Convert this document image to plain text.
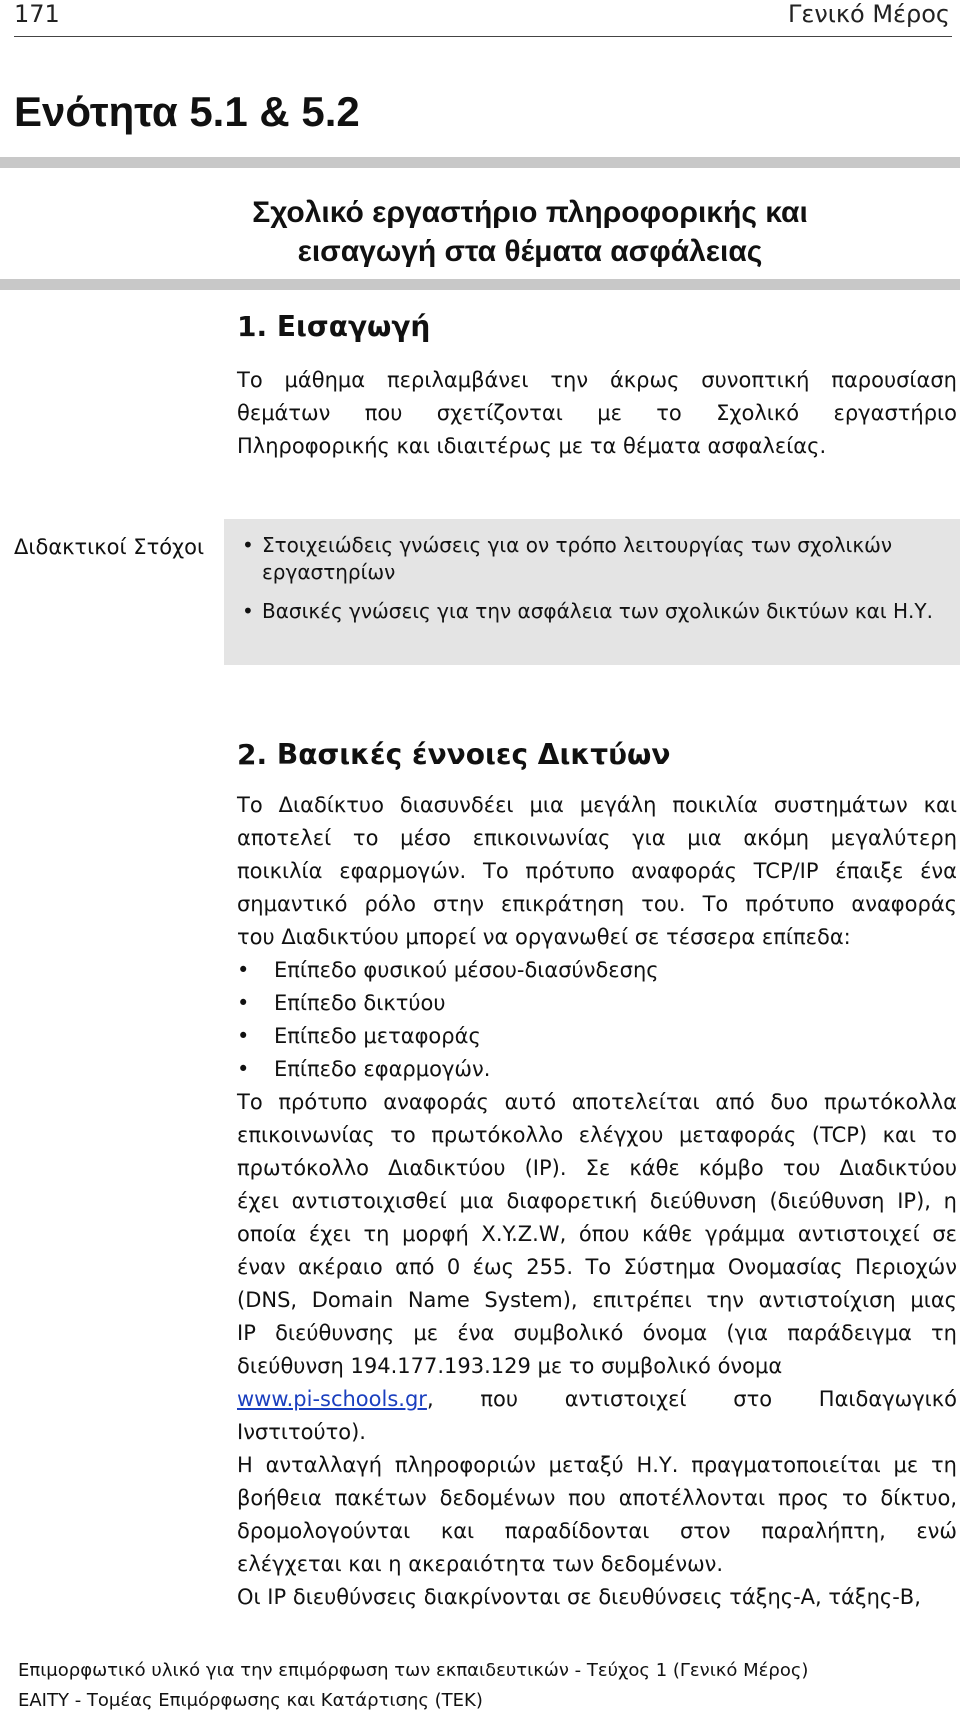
171	Γενικό Μέρος
Ενότητα 5.1 & 5.2
Σχολικό εργαστήριο πληροφορικής και
εισαγωγή στα θέματα ασφάλειας
1. Εισαγωγή
Το μάθημα περιλαμβάνει την άκρως συνοπτική παρουσίαση
θεμάτων που σχετίζονται με το Σχολικό εργαστήριο
Πληροφορικής και ιδιαιτέρως με τα θέματα ασφαλείας.
Διδακτικοί Στόχοι • Στοιχειώδεις γνώσεις για ον τρόπο λειτουργίας των σχολικών εργαστηρίων
• Βασικές γνώσεις για την ασφάλεια των σχολικών δικτύων και Η.Υ.
2. Βασικές έννοιες Δικτύων
Το Διαδίκτυο διασυνδέει μια μεγάλη ποικιλία συστημάτων και
αποτελεί το μέσο επικοινωνίας για μια ακόμη μεγαλύτερη
ποικιλία εφαρμογών. Το πρότυπο αναφοράς TCP/IP έπαιξε ένα
σημαντικό ρόλο στην επικράτηση του. Το πρότυπο αναφοράς
του Διαδικτύου μπορεί να οργανωθεί σε τέσσερα επίπεδα:
• Επίπεδο φυσικού μέσου-διασύνδεσης
• Επίπεδο δικτύου
• Επίπεδο μεταφοράς
• Επίπεδο εφαρμογών.
Το πρότυπο αναφοράς αυτό αποτελείται από δυο πρωτόκολλα
επικοινωνίας το πρωτόκολλο ελέγχου μεταφοράς (TCP) και το
πρωτόκολλο Διαδικτύου (IP). Σε κάθε κόμβο του Διαδικτύου
έχει αντιστοιχισθεί μια διαφορετική διεύθυνση (διεύθυνση IP), η
οποία έχει τη μορφή X.Y.Z.W, όπου κάθε γράμμα αντιστοιχεί σε
έναν ακέραιο από 0 έως 255. Το Σύστημα Ονομασίας Περιοχών
(DNS, Domain Name System), επιτρέπει την αντιστοίχιση μιας
IP διεύθυνσης με ένα συμβολικό όνομα (για παράδειγμα τη
διεύθυνση 194.177.193.129 με το συμβολικό όνομα
www.pi-schools.gr, που αντιστοιχεί στο Παιδαγωγικό
Ινστιτούτο).
Η ανταλλαγή πληροφοριών μεταξύ Η.Υ. πραγματοποιείται με τη
βοήθεια πακέτων δεδομένων που αποτέλλονται προς το δίκτυο,
δρομολογούνται και παραδίδονται στον παραλήπτη, ενώ
ελέγχεται και η ακεραιότητα των δεδομένων.
Οι IP διευθύνσεις διακρίνονται σε διευθύνσεις τάξης-A, τάξης-B,
Επιμορφωτικό υλικό για την επιμόρφωση των εκπαιδευτικών - Τεύχος 1 (Γενικό Μέρος)
ΕΑΙΤΥ - Τομέας Επιμόρφωσης και Κατάρτισης (ΤΕΚ)
